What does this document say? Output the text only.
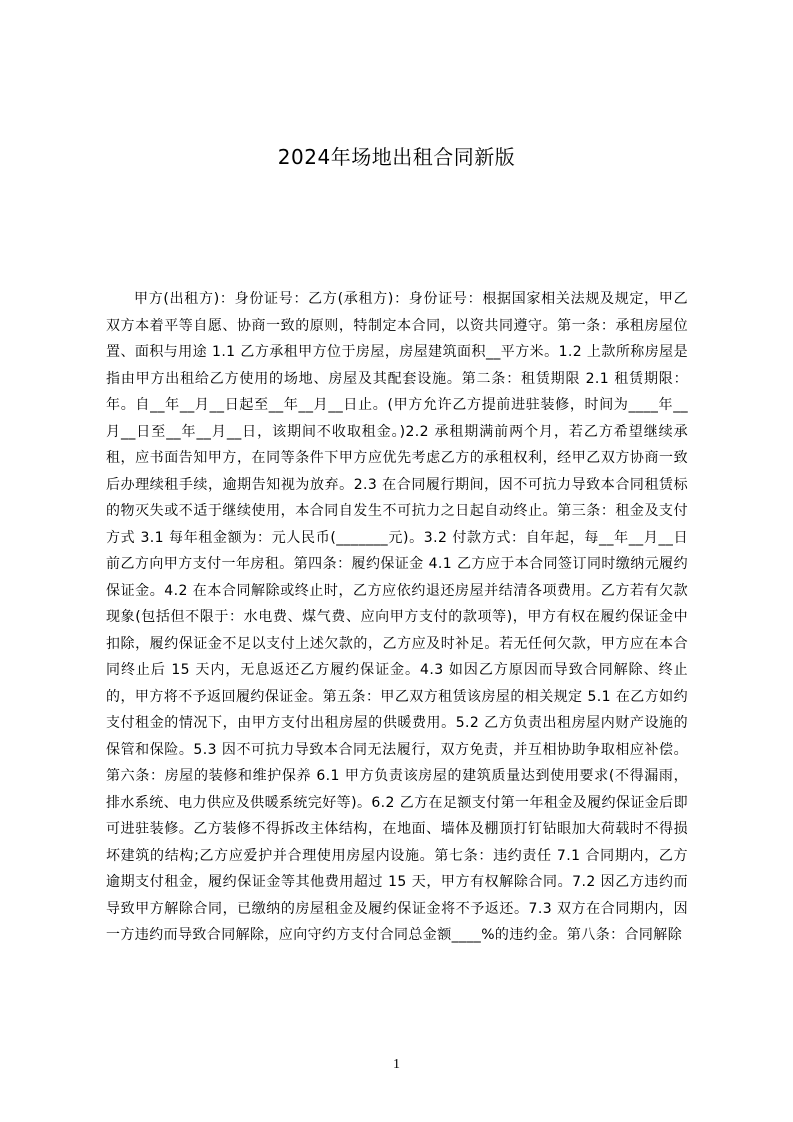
2024年场地出租合同新版

甲方(出租方)：身份证号：乙方(承租方)：身份证号：根据国家相关法规及规定，甲乙双方本着平等自愿、协商一致的原则，特制定本合同，以资共同遵守。第一条：承租房屋位置、面积与用途 1.1 乙方承租甲方位于房屋，房屋建筑面积__平方米。1.2 上款所称房屋是指由甲方出租给乙方使用的场地、房屋及其配套设施。第二条：租赁期限 2.1 租赁期限：年。自__年__月__日起至__年__月__日止。(甲方允许乙方提前进驻装修，时间为____年__月__日至__年__月__日，该期间不收取租金。)2.2 承租期满前两个月，若乙方希望继续承租，应书面告知甲方，在同等条件下甲方应优先考虑乙方的承租权利，经甲乙双方协商一致后办理续租手续，逾期告知视为放弃。2.3 在合同履行期间，因不可抗力导致本合同租赁标的物灭失或不适于继续使用，本合同自发生不可抗力之日起自动终止。第三条：租金及支付方式 3.1 每年租金额为：元人民币(_______元)。3.2 付款方式：自年起，每__年__月__日前乙方向甲方支付一年房租。第四条：履约保证金 4.1 乙方应于本合同签订同时缴纳元履约保证金。4.2 在本合同解除或终止时，乙方应依约退还房屋并结清各项费用。乙方若有欠款现象(包括但不限于：水电费、煤气费、应向甲方支付的款项等)，甲方有权在履约保证金中扣除，履约保证金不足以支付上述欠款的，乙方应及时补足。若无任何欠款，甲方应在本合同终止后 15 天内，无息返还乙方履约保证金。4.3 如因乙方原因而导致合同解除、终止的，甲方将不予返回履约保证金。第五条：甲乙双方租赁该房屋的相关规定 5.1 在乙方如约支付租金的情况下，由甲方支付出租房屋的供暖费用。5.2 乙方负责出租房屋内财产设施的保管和保险。5.3 因不可抗力导致本合同无法履行，双方免责，并互相协助争取相应补偿。第六条：房屋的装修和维护保养 6.1 甲方负责该房屋的建筑质量达到使用要求(不得漏雨，排水系统、电力供应及供暖系统完好等)。6.2 乙方在足额支付第一年租金及履约保证金后即可进驻装修。乙方装修不得拆改主体结构，在地面、墙体及棚顶打钉钻眼加大荷载时不得损坏建筑的结构;乙方应爱护并合理使用房屋内设施。第七条：违约责任 7.1 合同期内，乙方逾期支付租金，履约保证金等其他费用超过 15 天，甲方有权解除合同。7.2 因乙方违约而导致甲方解除合同，已缴纳的房屋租金及履约保证金将不予返还。7.3 双方在合同期内，因一方违约而导致合同解除，应向守约方支付合同总金额____%的违约金。第八条：合同解除

1
